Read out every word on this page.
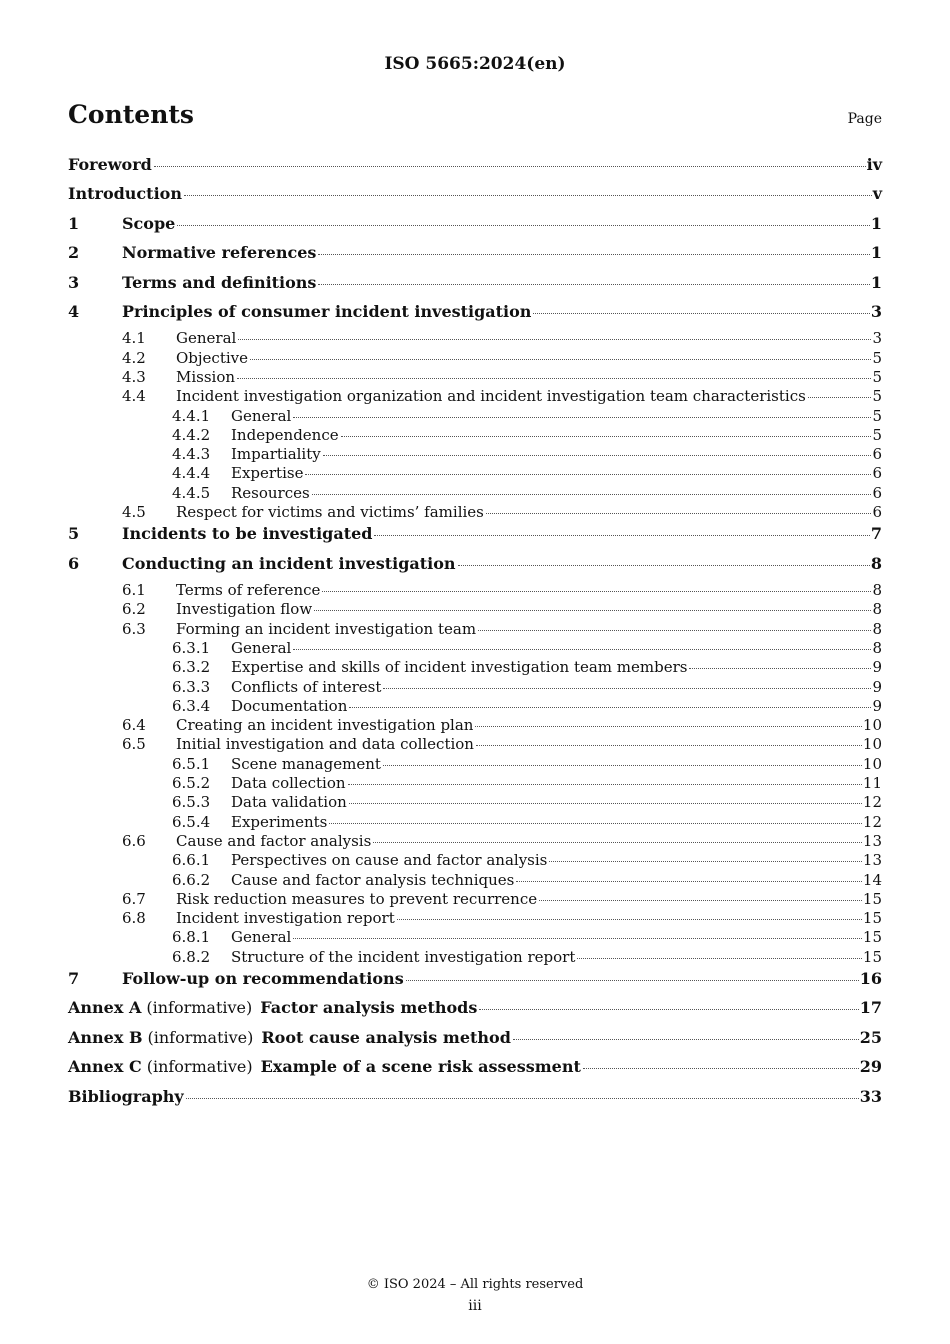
ISO 5665:2024(en)
Contents	Page
Foreword	iv
Introduction	v
1	Scope	1
2	Normative references	1
3	Terms and definitions	1
4	Principles of consumer incident investigation	3
4.1	General	3
4.2	Objective	5
4.3	Mission	5
4.4	Incident investigation organization and incident investigation team characteristics	5
4.4.1	General	5
4.4.2	Independence	5
4.4.3	Impartiality	6
4.4.4	Expertise	6
4.4.5	Resources	6
4.5	Respect for victims and victims’ families	6
5	Incidents to be investigated	7
6	Conducting an incident investigation	8
6.1	Terms of reference	8
6.2	Investigation flow	8
6.3	Forming an incident investigation team	8
6.3.1	General	8
6.3.2	Expertise and skills of incident investigation team members	9
6.3.3	Conflicts of interest	9
6.3.4	Documentation	9
6.4	Creating an incident investigation plan	10
6.5	Initial investigation and data collection	10
6.5.1	Scene management	10
6.5.2	Data collection	11
6.5.3	Data validation	12
6.5.4	Experiments	12
6.6	Cause and factor analysis	13
6.6.1	Perspectives on cause and factor analysis	13
6.6.2	Cause and factor analysis techniques	14
6.7	Risk reduction measures to prevent recurrence	15
6.8	Incident investigation report	15
6.8.1	General	15
6.8.2	Structure of the incident investigation report	15
7	Follow-up on recommendations	16
Annex A (informative) Factor analysis methods	17
Annex B (informative) Root cause analysis method	25
Annex C (informative) Example of a scene risk assessment	29
Bibliography	33
© ISO 2024 – All rights reserved
iii
